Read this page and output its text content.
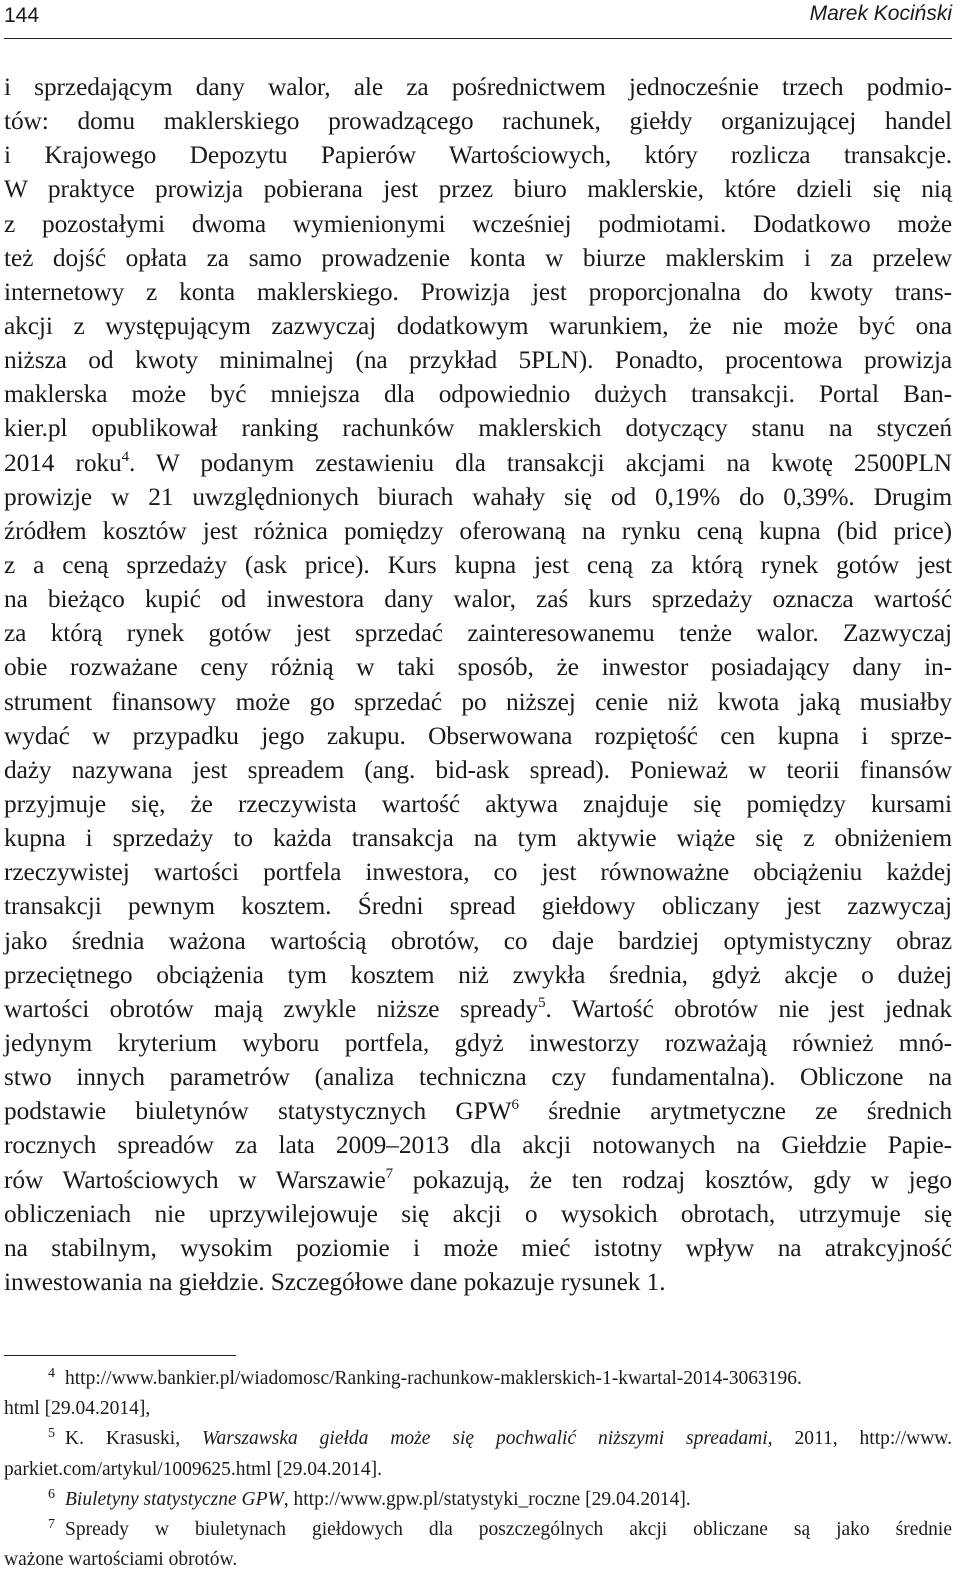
144	Marek Kociński
i sprzedającym dany walor, ale za pośrednictwem jednocześnie trzech podmio-
tów: domu maklerskiego prowadzącego rachunek, giełdy organizującej handel
i Krajowego Depozytu Papierów Wartościowych, który rozlicza transakcje.
W praktyce prowizja pobierana jest przez biuro maklerskie, które dzieli się nią
z pozostałymi dwoma wymienionymi wcześniej podmiotami. Dodatkowo może
też dojść opłata za samo prowadzenie konta w biurze maklerskim i za przelew
internetowy z konta maklerskiego. Prowizja jest proporcjonalna do kwoty trans-
akcji z występującym zazwyczaj dodatkowym warunkiem, że nie może być ona
niższa od kwoty minimalnej (na przykład 5PLN). Ponadto, procentowa prowizja
maklerska może być mniejsza dla odpowiednio dużych transakcji. Portal Ban-
kier.pl opublikował ranking rachunków maklerskich dotyczący stanu na styczeń
2014 roku$^4$. W podanym zestawieniu dla transakcji akcjami na kwotę 2500PLN
prowizje w 21 uwzględnionych biurach wahały się od 0,19% do 0,39%. Drugim
źródłem kosztów jest różnica pomiędzy oferowaną na rynku ceną kupna (bid price)
z a ceną sprzedaży (ask price). Kurs kupna jest ceną za którą rynek gotów jest
na bieżąco kupić od inwestora dany walor, zaś kurs sprzedaży oznacza wartość
za którą rynek gotów jest sprzedać zainteresowanemu tenże walor. Zazwyczaj
obie rozważane ceny różnią w taki sposób, że inwestor posiadający dany in-
strument finansowy może go sprzedać po niższej cenie niż kwota jaką musiałby
wydać w przypadku jego zakupu. Obserwowana rozpiętość cen kupna i sprze-
daży nazywana jest spreadem (ang. bid-ask spread). Ponieważ w teorii finansów
przyjmuje się, że rzeczywista wartość aktywa znajduje się pomiędzy kursami
kupna i sprzedaży to każda transakcja na tym aktywie wiąże się z obniżeniem
rzeczywistej wartości portfela inwestora, co jest równoważne obciążeniu każdej
transakcji pewnym kosztem. Średni spread giełdowy obliczany jest zazwyczaj
jako średnia ważona wartością obrotów, co daje bardziej optymistyczny obraz
przeciętnego obciążenia tym kosztem niż zwykła średnia, gdyż akcje o dużej
wartości obrotów mają zwykle niższe spready$^5$. Wartość obrotów nie jest jednak
jedynym kryterium wyboru portfela, gdyż inwestorzy rozważają również mnó-
stwo innych parametrów (analiza techniczna czy fundamentalna). Obliczone na
podstawie biuletynów statystycznych GPW$^6$ średnie arytmetyczne ze średnich
rocznych spreadów za lata 2009–2013 dla akcji notowanych na Giełdzie Papie-
rów Wartościowych w Warszawie$^7$ pokazują, że ten rodzaj kosztów, gdy w jego
obliczeniach nie uprzywilejowuje się akcji o wysokich obrotach, utrzymuje się
na stabilnym, wysokim poziomie i może mieć istotny wpływ na atrakcyjność
inwestowania na giełdzie. Szczegółowe dane pokazuje rysunek 1.
4 http://www.bankier.pl/wiadomosc/Ranking-rachunkow-maklerskich-1-kwartal-2014-3063196.
html [29.04.2014],
5 K. Krasuski, Warszawska giełda może się pochwalić niższymi spreadami, 2011, http://www.
parkiet.com/artykul/1009625.html [29.04.2014].
6 Biuletyny statystyczne GPW, http://www.gpw.pl/statystyki_roczne [29.04.2014].
7 Spready w biuletynach giełdowych dla poszczególnych akcji obliczane są jako średnie
ważone wartościami obrotów.
